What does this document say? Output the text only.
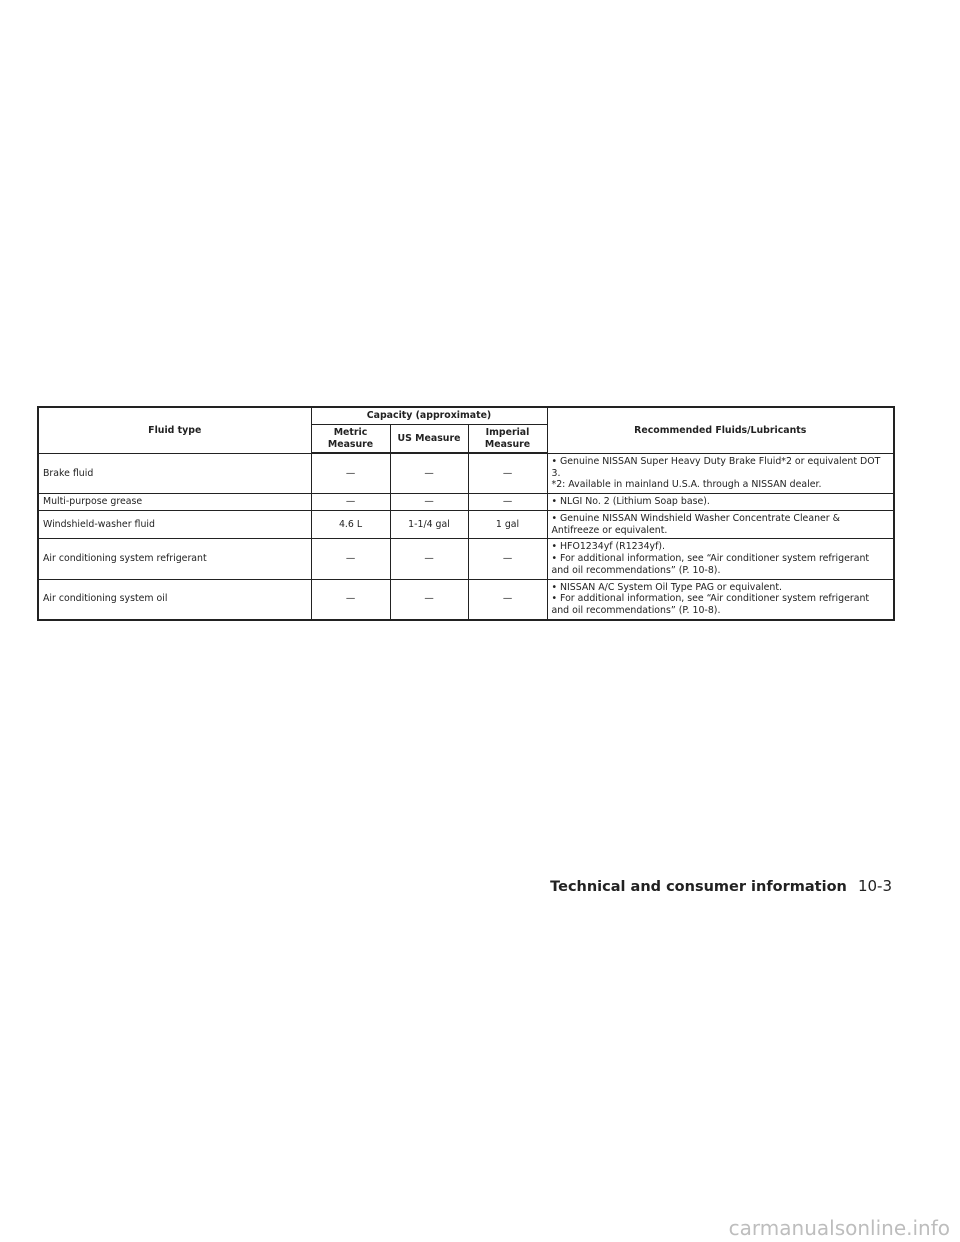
Fluid type	Capacity (approximate)			Recommended Fluids/Lubricants
	Metric Measure	US Measure	Imperial Measure	
Brake fluid	—	—	—	• Genuine NISSAN Super Heavy Duty Brake Fluid*2 or equivalent DOT 3.
*2: Available in mainland U.S.A. through a NISSAN dealer.

Multi-purpose grease	—	—	—	• NLGI No. 2 (Lithium Soap base).

Windshield-washer fluid	4.6 L	1-1/4 gal	1 gal	• Genuine NISSAN Windshield Washer Concentrate Cleaner & Antifreeze or equivalent.

Air conditioning system refrigerant	—	—	—	• HFO1234yf (R1234yf).
• For additional information, see “Air conditioner system refrigerant and oil recommendations” (P. 10-8).

Air conditioning system oil	—	—	—	• NISSAN A/C System Oil Type PAG or equivalent.
• For additional information, see “Air conditioner system refrigerant and oil recommendations” (P. 10-8).
Technical and consumer information 10-3
carmanualsonline.info
